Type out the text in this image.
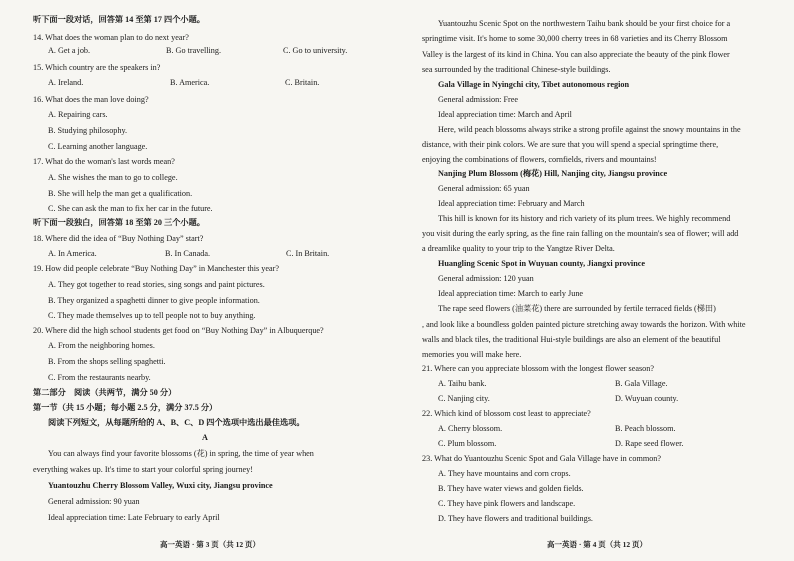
听下面一段对话，回答第 14 至第 17 四个小题。
14. What does the woman plan to do next year?
A. Get a job.	B. Go travelling.	C. Go to university.
15. Which country are the speakers in?
A. Ireland.	B. America.	C. Britain.
16. What does the man love doing?
A. Repairing cars.
B. Studying philosophy.
C. Learning another language.
17. What do the woman's last words mean?
A. She wishes the man to go to college.
B. She will help the man get a qualification.
C. She can ask the man to fix her car in the future.
听下面一段独白，回答第 18 至第 20 三个小题。
18. Where did the idea of “Buy Nothing Day” start?
A. In America.	B. In Canada.	C. In Britain.
19. How did people celebrate “Buy Nothing Day” in Manchester this year?
A. They got together to read stories, sing songs and paint pictures.
B. They organized a spaghetti dinner to give people information.
C. They made themselves up to tell people not to buy anything.
20. Where did the high school students get food on “Buy Nothing Day” in Albuquerque?
A. From the neighboring homes.
B. From the shops selling spaghetti.
C. From the restaurants nearby.
第二部分　阅读（共两节，满分 50 分）
第一节（共 15 小题；每小题 2.5 分，满分 37.5 分）
阅读下列短文，从每题所给的 A、B、C、D 四个选项中选出最佳选项。
A
You can always find your favorite blossoms (花) in spring, the time of year when
everything wakes up. It's time to start your colorful spring journey!
Yuantouzhu Cherry Blossom Valley, Wuxi city, Jiangsu province
General admission: 90 yuan
Ideal appreciation time: Late February to early April
高一英语 · 第 3 页（共 12 页）
Yuantouzhu Scenic Spot on the northwestern Taihu bank should be your first choice for a
springtime visit. It's home to some 30,000 cherry trees in 68 varieties and its Cherry Blossom
Valley is the largest of its kind in China. You can also appreciate the beauty of the pink flower
sea surrounded by the traditional Chinese-style buildings.
Gala Village in Nyingchi city, Tibet autonomous region
General admission: Free
Ideal appreciation time: March and April
Here, wild peach blossoms always strike a strong profile against the snowy mountains in the
distance, with their pink colors. We are sure that you will spend a special springtime there,
enjoying the combinations of flowers, cornfields, rivers and mountains!
Nanjing Plum Blossom (梅花) Hill, Nanjing city, Jiangsu province
General admission: 65 yuan
Ideal appreciation time: February and March
This hill is known for its history and rich variety of its plum trees. We highly recommend
you visit during the early spring, as the fine rain falling on the mountain's sea of flower; will add
a dreamlike quality to your trip to the Yangtze River Delta.
Huangling Scenic Spot in Wuyuan county, Jiangxi province
General admission: 120 yuan
Ideal appreciation time: March to early June
The rape seed flowers (油菜花) there are surrounded by fertile terraced fields (梯田)
, and look like a boundless golden painted picture stretching away towards the horizon. With white
walls and black tiles, the traditional Hui-style buildings are also an element of the beautiful
memories you will make here.
21. Where can you appreciate blossom with the longest flower season?
A. Taihu bank.	B. Gala Village.
C. Nanjing city.	D. Wuyuan county.
22. Which kind of blossom cost least to appreciate?
A. Cherry blossom.	B. Peach blossom.
C. Plum blossom.	D. Rape seed flower.
23. What do Yuantouzhu Scenic Spot and Gala Village have in common?
A. They have mountains and corn crops.
B. They have water views and golden fields.
C. They have pink flowers and landscape.
D. They have flowers and traditional buildings.
高一英语 · 第 4 页（共 12 页）
